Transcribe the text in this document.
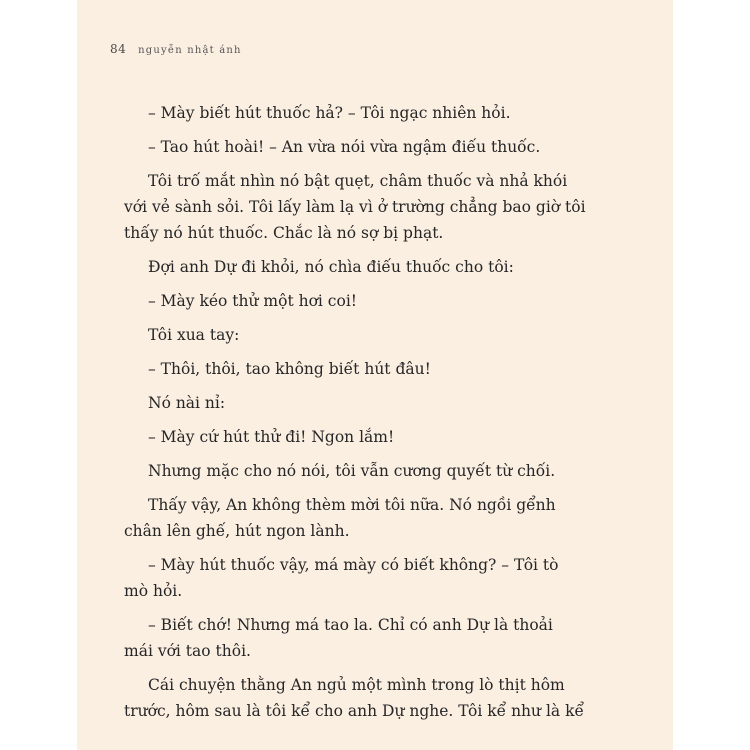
84 nguyễn nhật ánh

– Mày biết hút thuốc hả? – Tôi ngạc nhiên hỏi.

– Tao hút hoài! – An vừa nói vừa ngậm điếu thuốc.

Tôi trố mắt nhìn nó bật quẹt, châm thuốc và nhả khói
với vẻ sành sỏi. Tôi lấy làm lạ vì ở trường chẳng bao giờ tôi
thấy nó hút thuốc. Chắc là nó sợ bị phạt.

Đợi anh Dự đi khỏi, nó chìa điếu thuốc cho tôi:

– Mày kéo thử một hơi coi!

Tôi xua tay:

– Thôi, thôi, tao không biết hút đâu!

Nó nài nỉ:

– Mày cứ hút thử đi! Ngon lắm!

Nhưng mặc cho nó nói, tôi vẫn cương quyết từ chối.

Thấy vậy, An không thèm mời tôi nữa. Nó ngồi gểnh
chân lên ghế, hút ngon lành.

– Mày hút thuốc vậy, má mày có biết không? – Tôi tò
mò hỏi.

– Biết chớ! Nhưng má tao la. Chỉ có anh Dự là thoải
mái với tao thôi.

Cái chuyện thằng An ngủ một mình trong lò thịt hôm
trước, hôm sau là tôi kể cho anh Dự nghe. Tôi kể như là kể
